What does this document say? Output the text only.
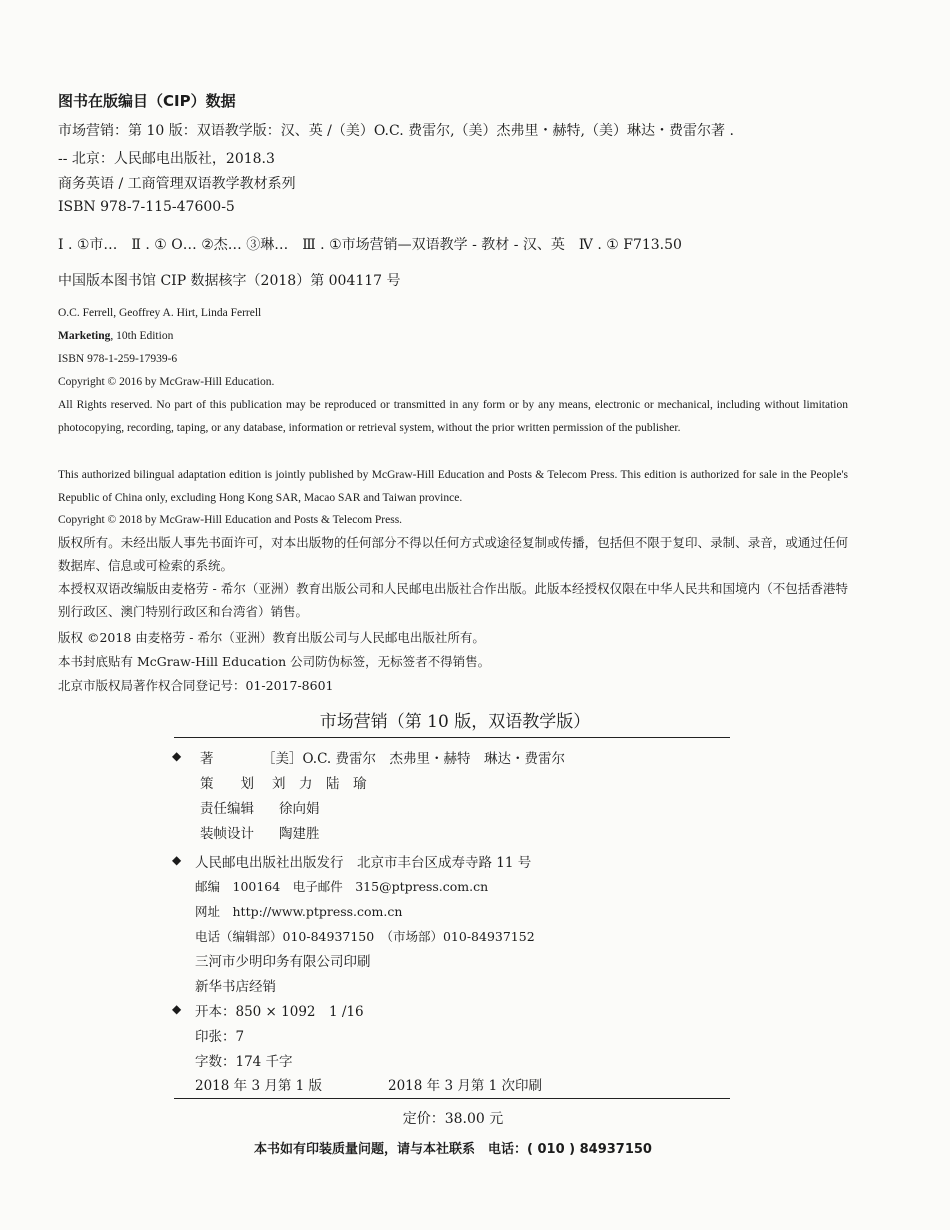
图书在版编目（CIP）数据
市场营销：第 10 版：双语教学版：汉、英 /（美）O.C. 费雷尔,（美）杰弗里・赫特,（美）琳达・费雷尔著 .
-- 北京：人民邮电出版社，2018.3
商务英语 / 工商管理双语教学教材系列
ISBN 978-7-115-47600-5
Ⅰ . ①市…　Ⅱ . ① O… ②杰… ③琳…　Ⅲ . ①市场营销—双语教学 - 教材 - 汉、英　Ⅳ . ① F713.50
中国版本图书馆 CIP 数据核字（2018）第 004117 号
O.C. Ferrell, Geoffrey A. Hirt, Linda Ferrell
Marketing, 10th Edition
ISBN 978-1-259-17939-6
Copyright © 2016 by McGraw-Hill Education.
All Rights reserved. No part of this publication may be reproduced or transmitted in any form or by any means, electronic or mechanical, including without limitation photocopying, recording, taping, or any database, information or retrieval system, without the prior written permission of the publisher.
This authorized bilingual adaptation edition is jointly published by McGraw-Hill Education and Posts & Telecom Press. This edition is authorized for sale in the People's Republic of China only, excluding Hong Kong SAR, Macao SAR and Taiwan province.
Copyright © 2018 by McGraw-Hill Education and Posts & Telecom Press.
版权所有。未经出版人事先书面许可，对本出版物的任何部分不得以任何方式或途径复制或传播，包括但不限于复印、录制、录音，或通过任何数据库、信息或可检索的系统。
本授权双语改编版由麦格劳 - 希尔（亚洲）教育出版公司和人民邮电出版社合作出版。此版本经授权仅限在中华人民共和国境内（不包括香港特别行政区、澳门特别行政区和台湾省）销售。
版权 ©2018 由麦格劳 - 希尔（亚洲）教育出版公司与人民邮电出版社所有。
本书封底贴有 McGraw-Hill Education 公司防伪标签，无标签者不得销售。
北京市版权局著作权合同登记号：01-2017-8601
市场营销（第 10 版，双语教学版）
◆ 著	［美］O.C. 费雷尔　杰弗里・赫特　琳达・费雷尔
策　　划 刘　力　陆　瑜
责任编辑 徐向娟
装帧设计 陶建胜
◆ 人民邮电出版社出版发行　北京市丰台区成寿寺路 11 号
邮编　100164　电子邮件　315@ptpress.com.cn
网址　http://www.ptpress.com.cn
电话（编辑部）010-84937150　（市场部）010-84937152
三河市少明印务有限公司印刷
新华书店经销
◆ 开本：850 × 1092　1 /16
印张：7
字数：174 千字
2018 年 3 月第 1 版	2018 年 3 月第 1 次印刷
定价：38.00 元
本书如有印装质量问题，请与本社联系　电话：( 010 ) 84937150
